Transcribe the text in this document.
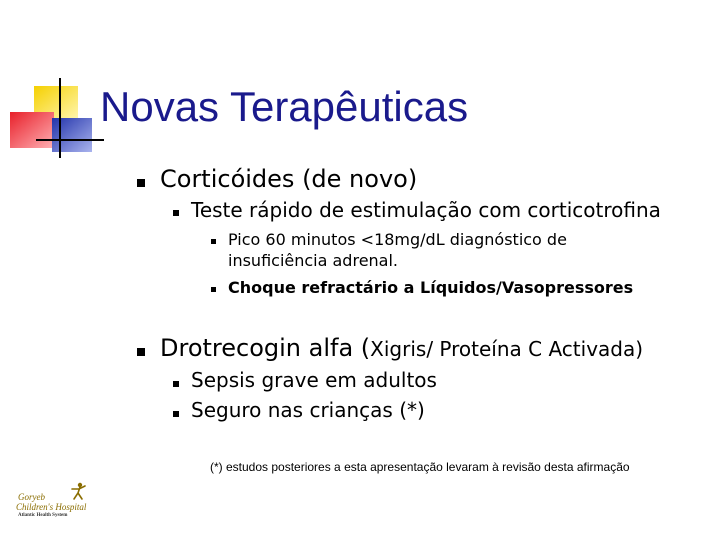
Novas Terapêuticas
Corticóides (de novo)
Teste rápido de estimulação com corticotrofina
Pico 60 minutos <18mg/dL diagnóstico de
insuficiência adrenal.
Choque refractário a Líquidos/Vasopressores
Drotrecogin alfa (Xigris/ Proteína C Activada)
Sepsis grave em adultos
Seguro nas crianças (*)
(*) estudos posteriores a esta apresentação levaram à revisão desta afirmação
Goryeb
Children's Hospital
Atlantic Health System
